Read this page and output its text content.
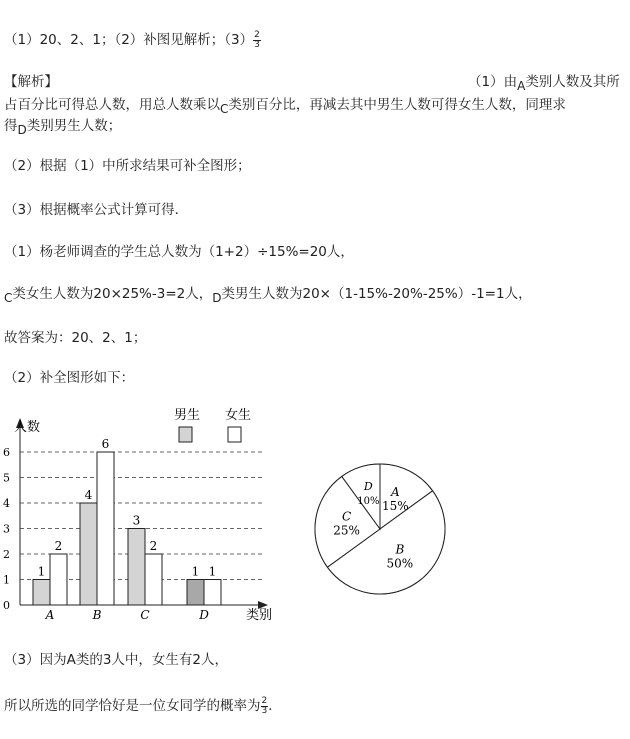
（1）20、2、1；（2）补图见解析；$(3) \frac{2}{3}$
【解析】	（1）由A类别人数及其所
占百分比可得总人数，用总人数乘以C类别百分比，再减去其中男生人数可得女生人数，同理求
得D类别男生人数；
（2）根据（1）中所求结果可补全图形；
（3）根据概率公式计算可得．
（1）杨老师调查的学生总人数为（1+2）÷15%=20人，
C类女生人数为20×25%-3=2人，D类男生人数为20×（1-15%-20%-25%）-1=1人，
故答案为：20、2、1；
（2）补全图形如下：
人数
类别
0
1
2
3
4
5
6
1
2
4
6
3
2
1 1
A	B	C	D
男生 女生
A
15%
B
50%
C
25%
D
10%
（3）因为A类的3人中，女生有2人，
所以所选的同学恰好是一位女同学的概率为 $\frac{2}{3}$ ．
